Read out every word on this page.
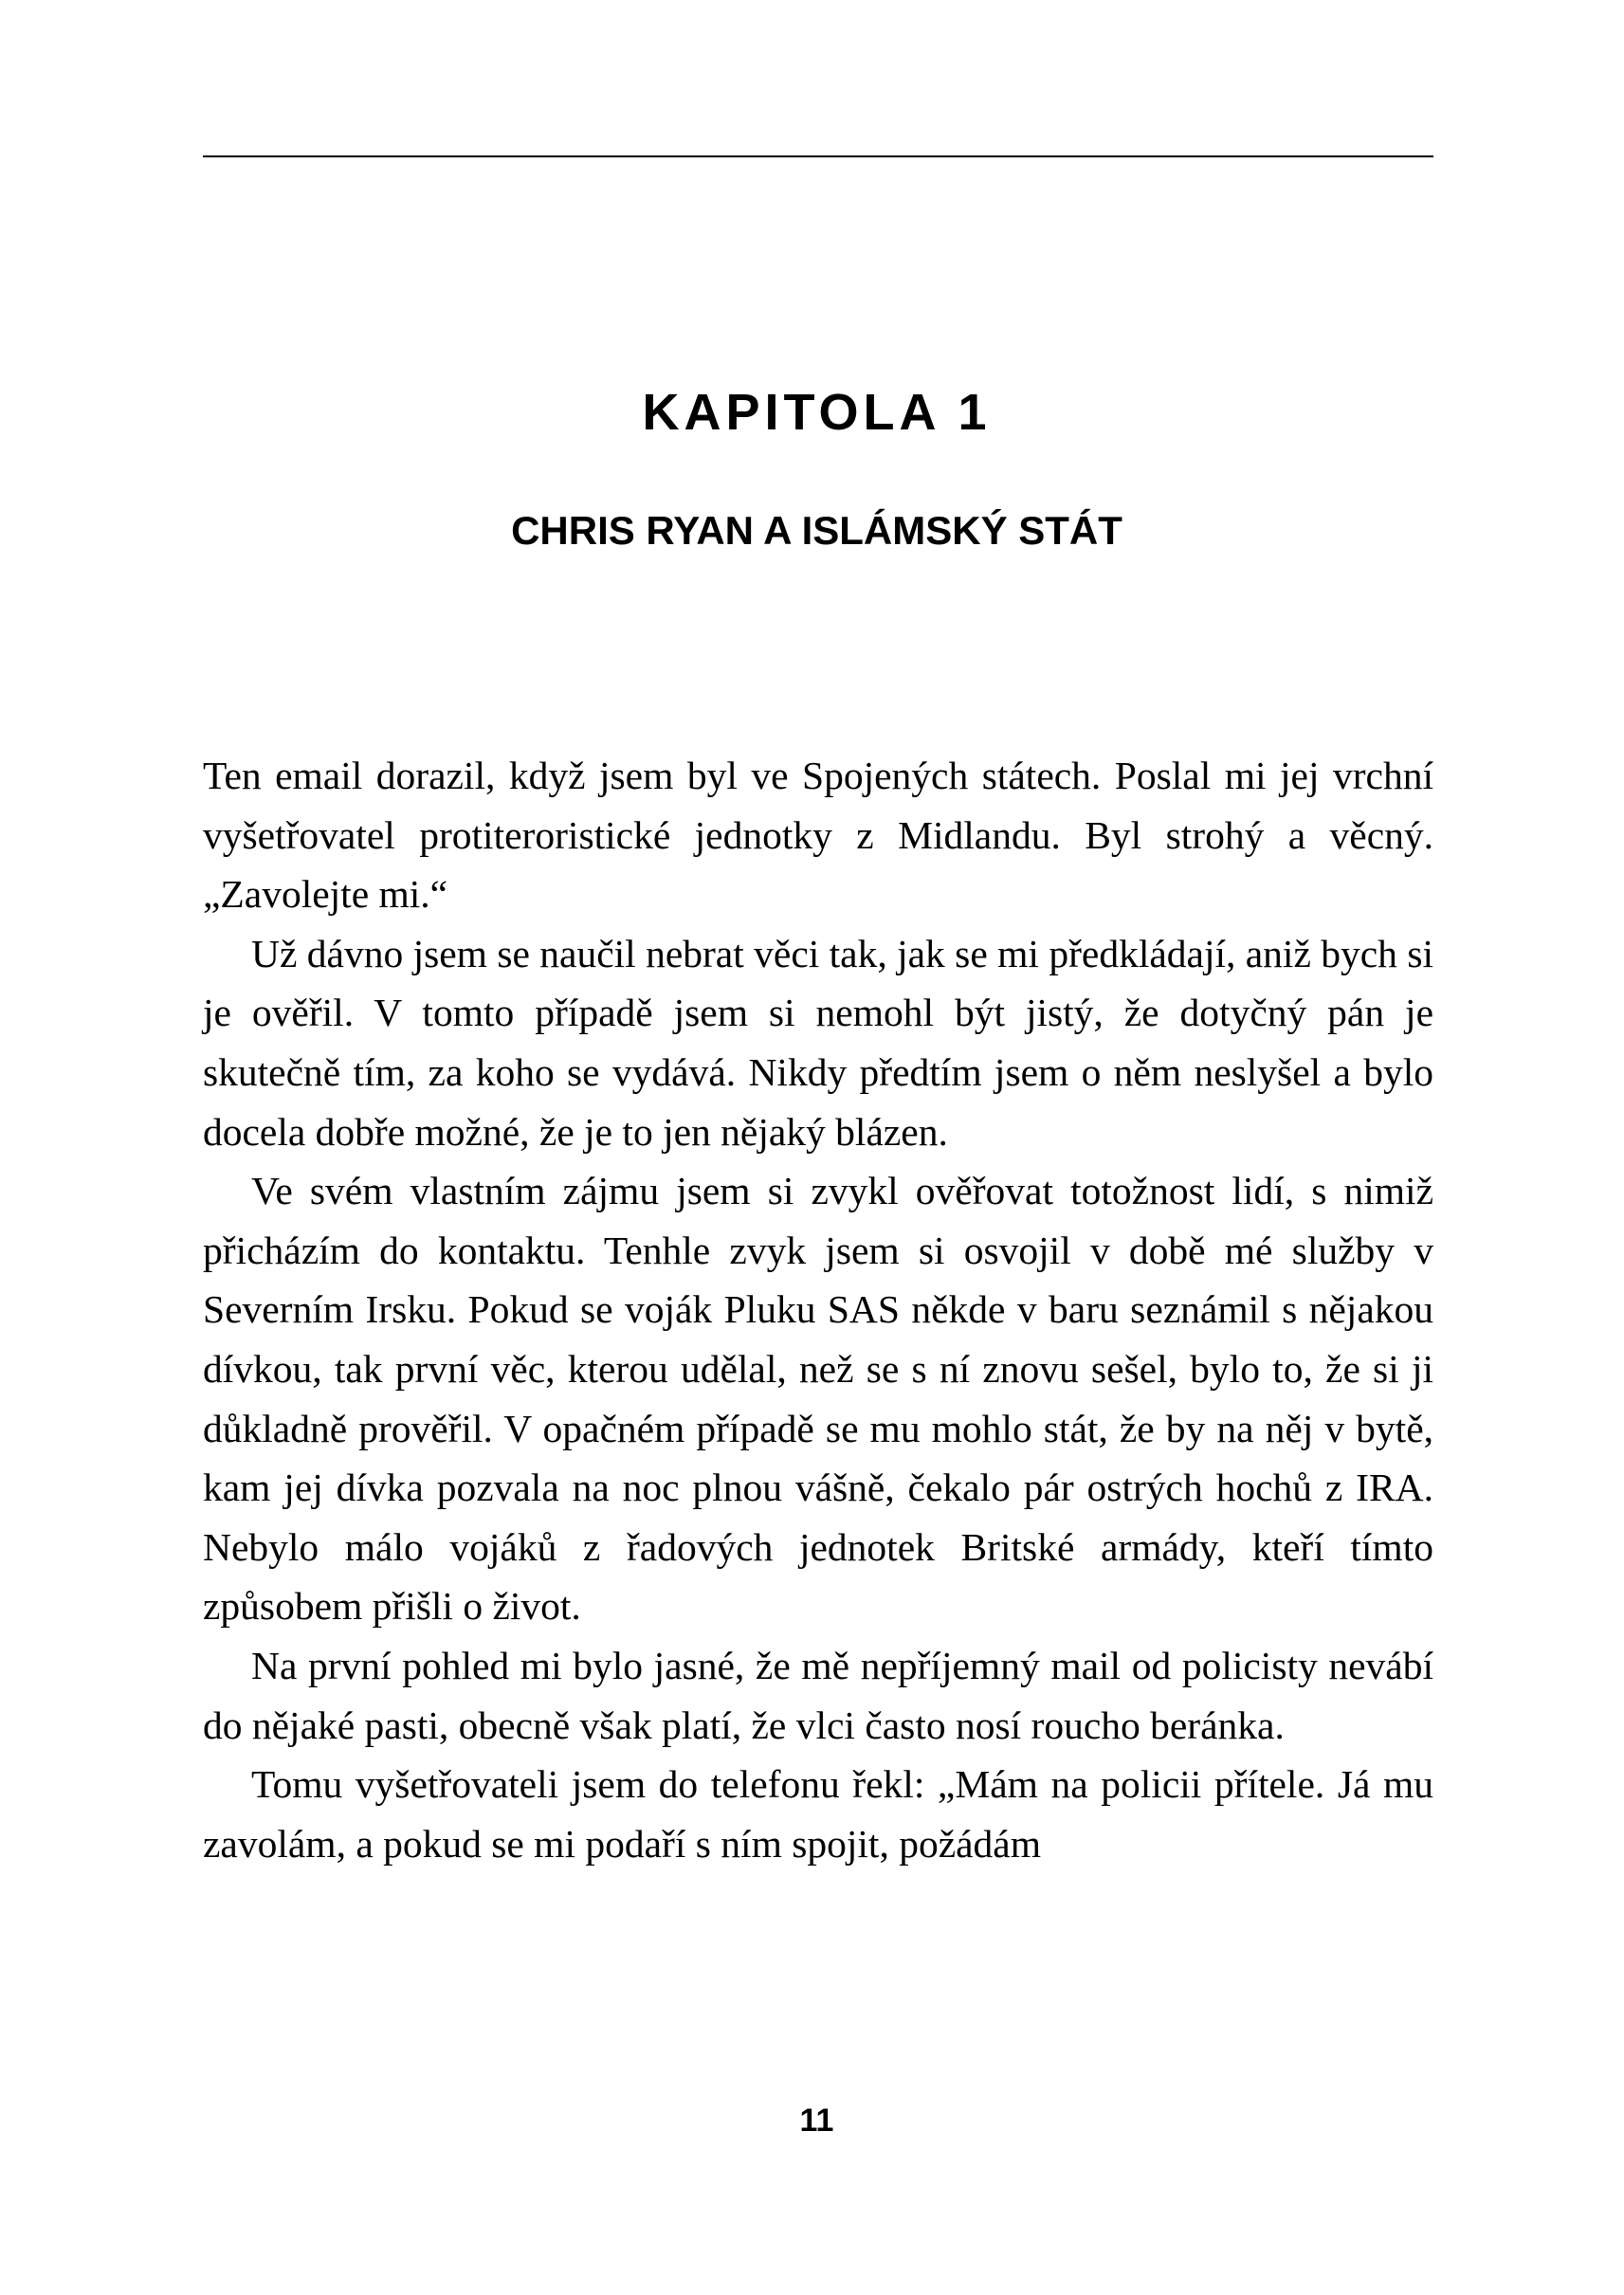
KAPITOLA 1
CHRIS RYAN A ISLÁMSKÝ STÁT

Ten email dorazil, když jsem byl ve Spojených státech. Poslal mi jej vrchní vyšetřovatel protiteroristické jednotky z Midlandu. Byl strohý a věcný. „Zavolejte mi.“

Už dávno jsem se naučil nebrat věci tak, jak se mi předkládají, aniž bych si je ověřil. V tomto případě jsem si nemohl být jistý, že dotyčný pán je skutečně tím, za koho se vydává. Nikdy předtím jsem o něm neslyšel a bylo docela dobře možné, že je to jen nějaký blázen.

Ve svém vlastním zájmu jsem si zvykl ověřovat totožnost lidí, s nimiž přicházím do kontaktu. Tenhle zvyk jsem si osvojil v době mé služby v Severním Irsku. Pokud se voják Pluku SAS někde v baru seznámil s nějakou dívkou, tak první věc, kterou udělal, než se s ní znovu sešel, bylo to, že si ji důkladně prověřil. V opačném případě se mu mohlo stát, že by na něj v bytě, kam jej dívka pozvala na noc plnou vášně, čekalo pár ostrých hochů z IRA. Nebylo málo vojáků z řadových jednotek Britské armády, kteří tímto způsobem přišli o život.

Na první pohled mi bylo jasné, že mě nepříjemný mail od policisty nevábí do nějaké pasti, obecně však platí, že vlci často nosí roucho beránka.

Tomu vyšetřovateli jsem do telefonu řekl: „Mám na policii přítele. Já mu zavolám, a pokud se mi podaří s ním spojit, požádám

11
